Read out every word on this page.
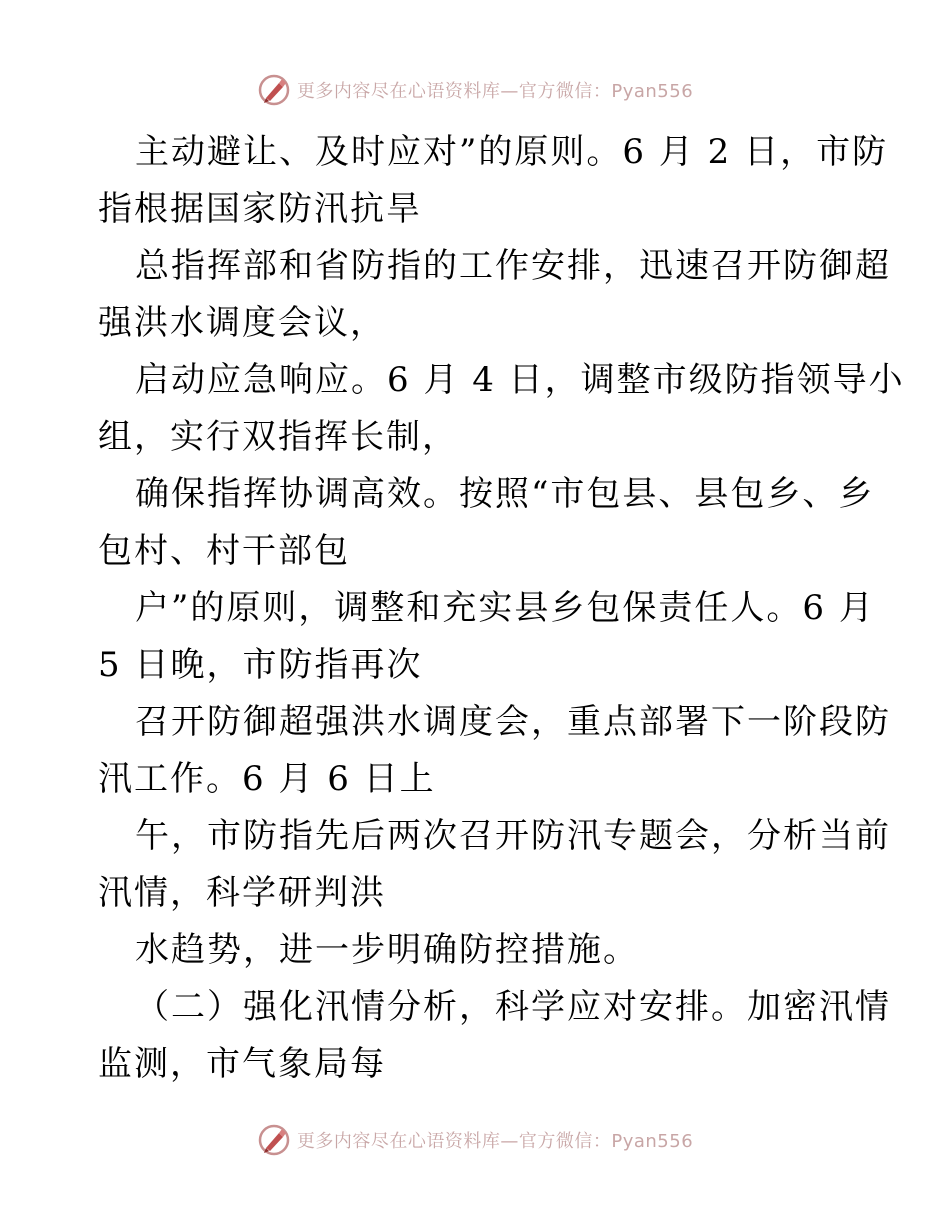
更多内容尽在心语资料库—官方微信：Pyan556
主动避让、及时应对”的原则。6 月 2 日，市防
指根据国家防汛抗旱
总指挥部和省防指的工作安排，迅速召开防御超
强洪水调度会议，
启动应急响应。6 月 4 日，调整市级防指领导小
组，实行双指挥长制，
确保指挥协调高效。按照“市包县、县包乡、乡
包村、村干部包
户”的原则，调整和充实县乡包保责任人。6 月
5 日晚，市防指再次
召开防御超强洪水调度会，重点部署下一阶段防
汛工作。6 月 6 日上
午，市防指先后两次召开防汛专题会，分析当前
汛情，科学研判洪
水趋势，进一步明确防控措施。
（二）强化汛情分析，科学应对安排。加密汛情
监测，市气象局每
更多内容尽在心语资料库—官方微信：Pyan556
